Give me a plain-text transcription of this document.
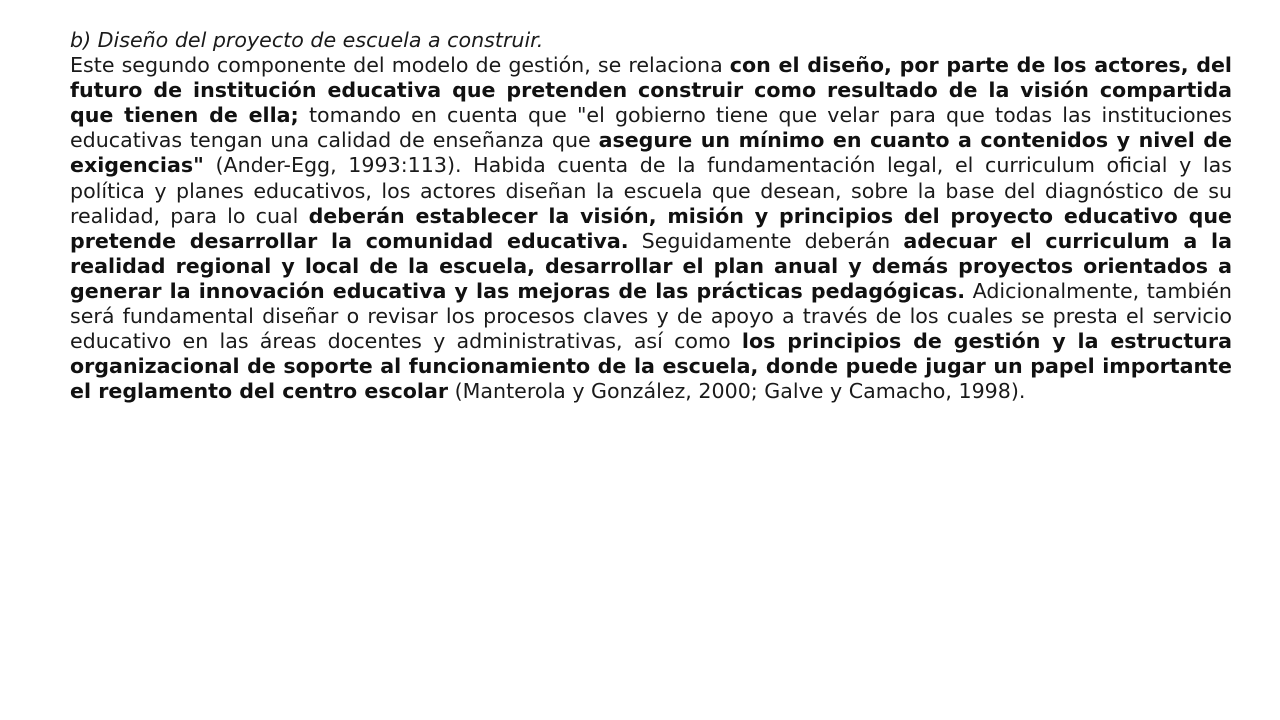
b) Diseño del proyecto de escuela a construir.

Este segundo componente del modelo de gestión, se relaciona con el diseño, por parte de los actores, del futuro de institución educativa que pretenden construir como resultado de la visión compartida que tienen de ella; tomando en cuenta que "el gobierno tiene que velar para que todas las instituciones educativas tengan una calidad de enseñanza que asegure un mínimo en cuanto a contenidos y nivel de exigencias" (Ander-Egg, 1993:113). Habida cuenta de la fundamentación legal, el curriculum oficial y las política y planes educativos, los actores diseñan la escuela que desean, sobre la base del diagnóstico de su realidad, para lo cual deberán establecer la visión, misión y principios del proyecto educativo que pretende desarrollar la comunidad educativa. Seguidamente deberán adecuar el curriculum a la realidad regional y local de la escuela, desarrollar el plan anual y demás proyectos orientados a generar la innovación educativa y las mejoras de las prácticas pedagógicas. Adicionalmente, también será fundamental diseñar o revisar los procesos claves y de apoyo a través de los cuales se presta el servicio educativo en las áreas docentes y administrativas, así como los principios de gestión y la estructura organizacional de soporte al funcionamiento de la escuela, donde puede jugar un papel importante el reglamento del centro escolar (Manterola y González, 2000; Galve y Camacho, 1998).
